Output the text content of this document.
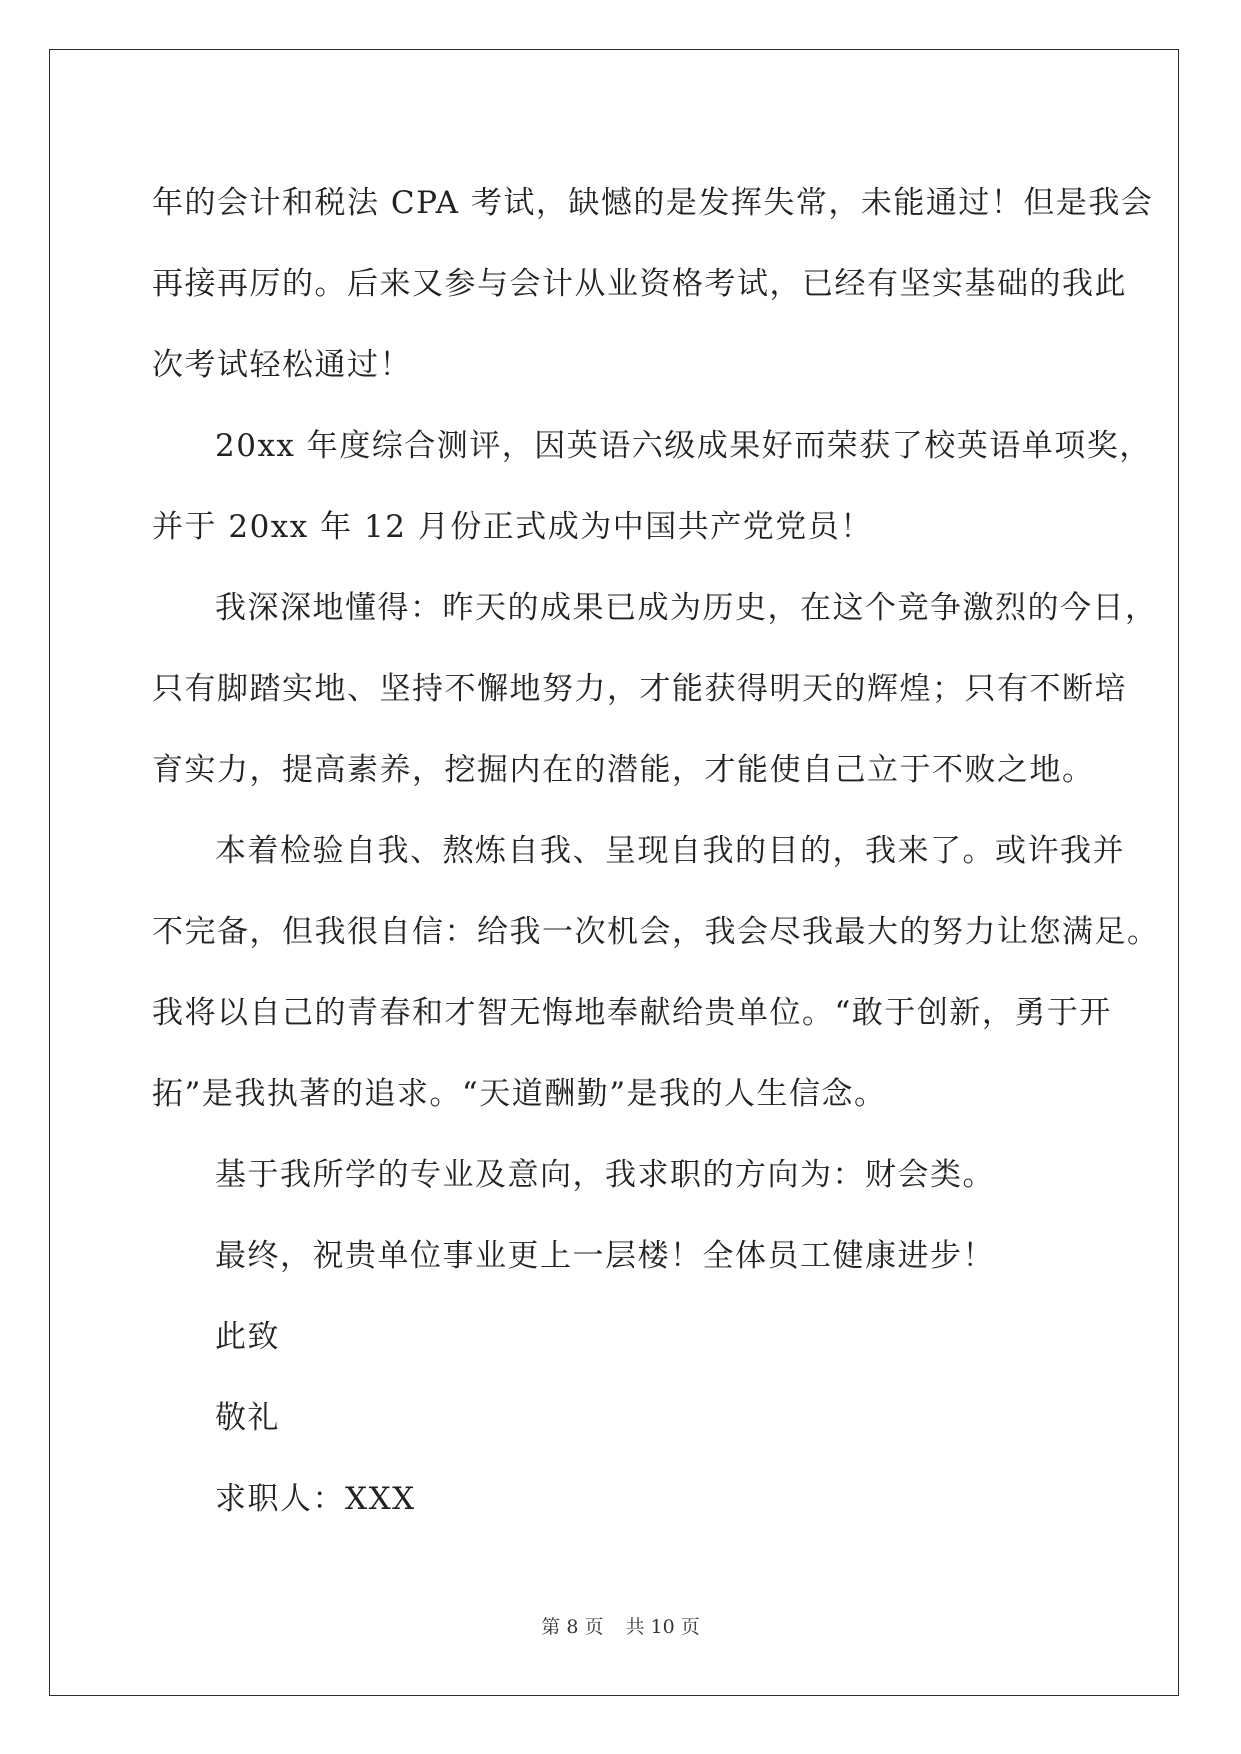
年的会计和税法 CPA 考试，缺憾的是发挥失常，未能通过！但是我会

再接再厉的。后来又参与会计从业资格考试，已经有坚实基础的我此

次考试轻松通过！

20xx 年度综合测评，因英语六级成果好而荣获了校英语单项奖，

并于 20xx 年 12 月份正式成为中国共产党党员！

我深深地懂得：昨天的成果已成为历史，在这个竞争激烈的今日，

只有脚踏实地、坚持不懈地努力，才能获得明天的辉煌；只有不断培

育实力，提高素养，挖掘内在的潜能，才能使自己立于不败之地。

本着检验自我、熬炼自我、呈现自我的目的，我来了。或许我并

不完备，但我很自信：给我一次机会，我会尽我最大的努力让您满足。

我将以自己的青春和才智无悔地奉献给贵单位。“敢于创新，勇于开

拓”是我执著的追求。“天道酬勤”是我的人生信念。

基于我所学的专业及意向，我求职的方向为：财会类。

最终，祝贵单位事业更上一层楼！全体员工健康进步！

此致

敬礼

求职人：XXX

第 8 页 共 10 页
